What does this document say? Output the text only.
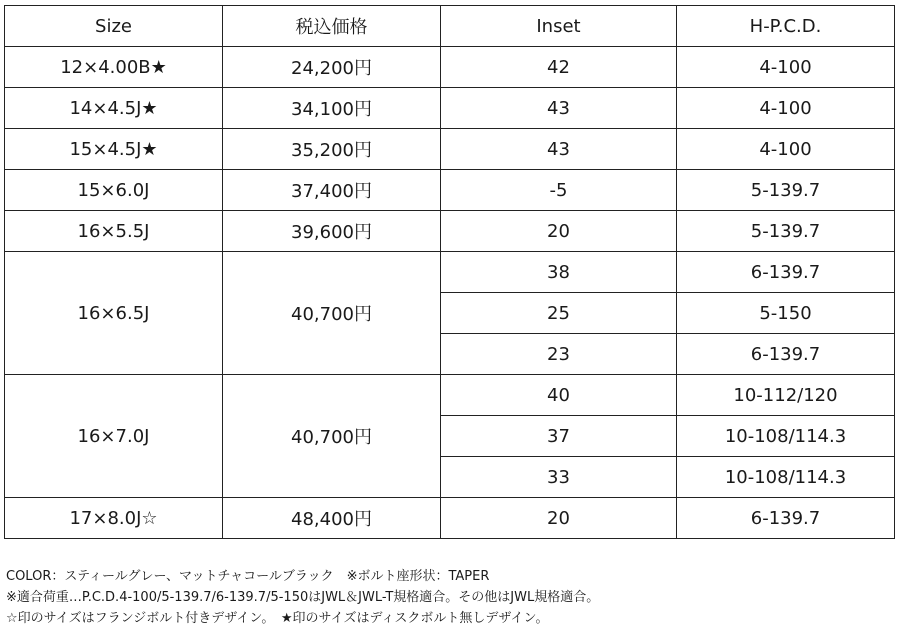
Size	税込価格	Inset	H-P.C.D.
12×4.00B★	24,200円	42	4-100
14×4.5J★	34,100円	43	4-100
15×4.5J★	35,200円	43	4-100
15×6.0J	37,400円	-5	5-139.7
16×5.5J	39,600円	20	5-139.7
16×6.5J	40,700円	38	6-139.7
		25	5-150
		23	6-139.7
16×7.0J	40,700円	40	10-112/120
		37	10-108/114.3
		33	10-108/114.3
17×8.0J☆	48,400円	20	6-139.7
COLOR：スティールグレー、マットチャコールブラック　※ボルト座形状：TAPER
※適合荷重…P.C.D.4-100/5-139.7/6-139.7/5-150はJWL＆JWL-T規格適合。その他はJWL規格適合。
☆印のサイズはフランジボルト付きデザイン。　★印のサイズはディスクボルト無しデザイン。
